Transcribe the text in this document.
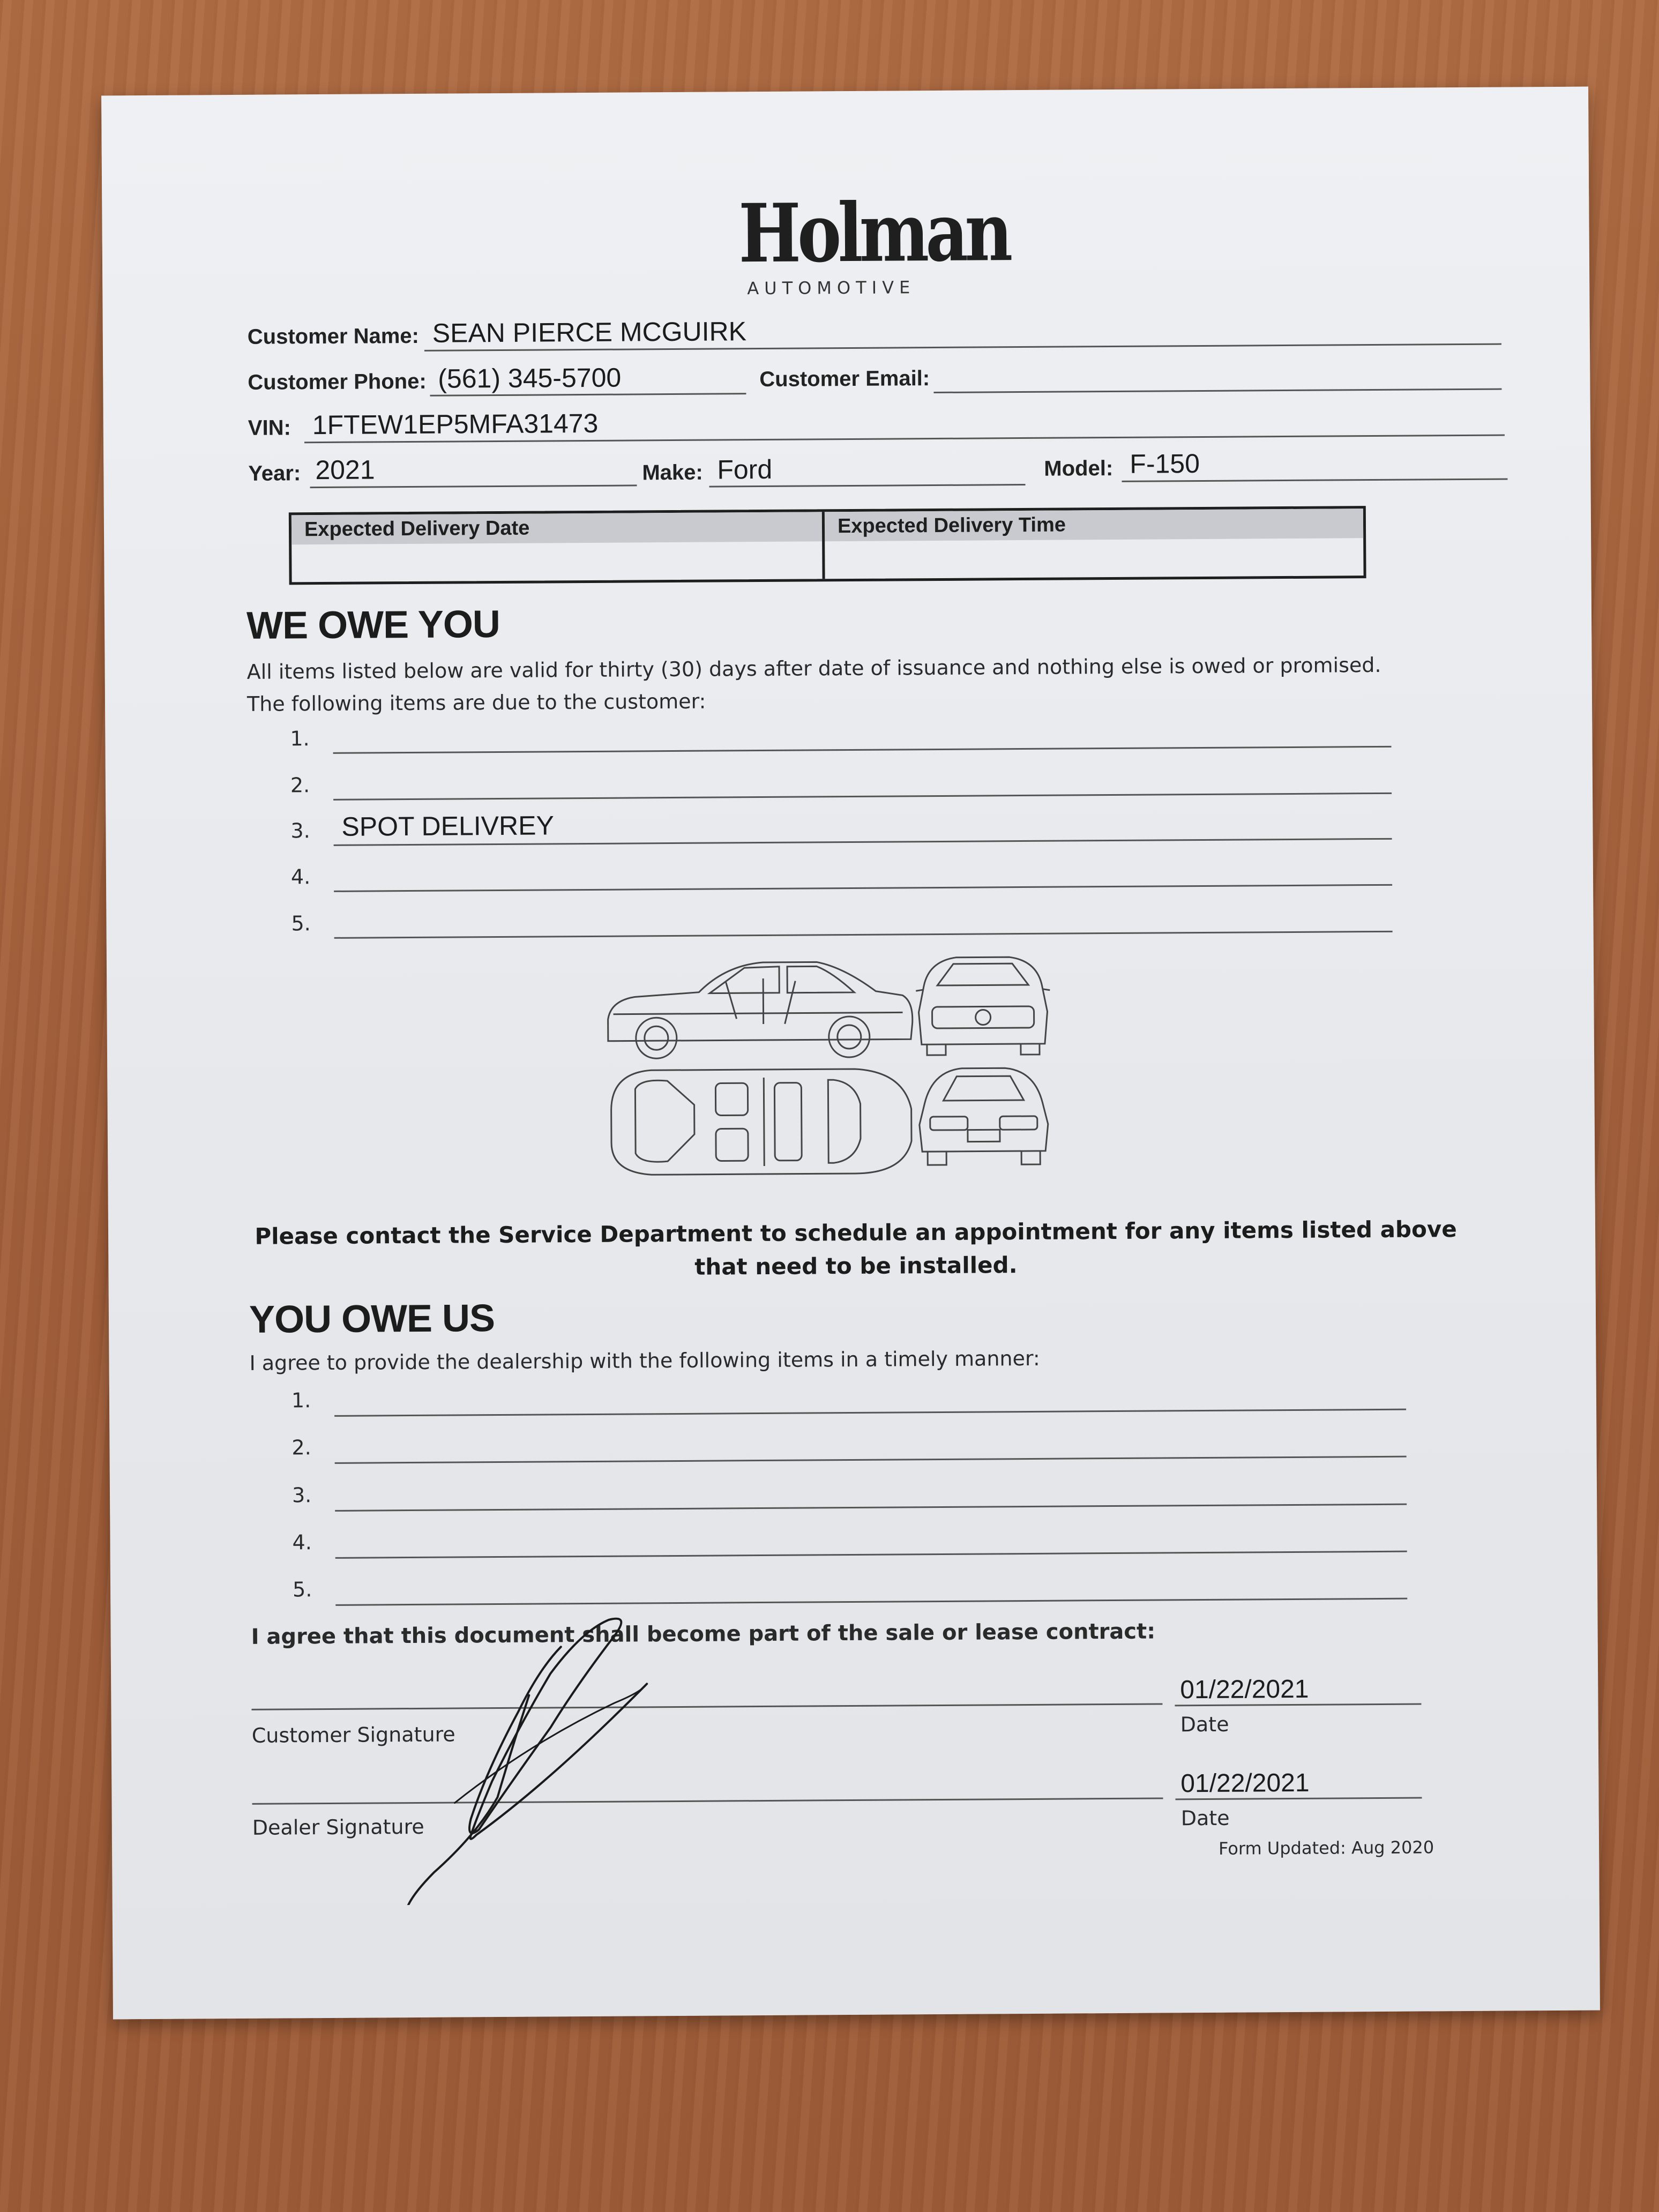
Holman
AUTOMOTIVE
Customer Name: SEAN PIERCE MCGUIRK
Customer Phone: (561) 345-5700	Customer Email:
VIN: 1FTEW1EP5MFA31473
Year: 2021	Make: Ford	Model: F-150
Expected Delivery Date	Expected Delivery Time
WE OWE YOU
All items listed below are valid for thirty (30) days after date of issuance and nothing else is owed or promised.
The following items are due to the customer:
1.
2.
3. SPOT DELIVREY
4.
5.
Please contact the Service Department to schedule an appointment for any items listed above that need to be installed.
YOU OWE US
I agree to provide the dealership with the following items in a timely manner:
1.
2.
3.
4.
5.
I agree that this document shall become part of the sale or lease contract:
Customer Signature
01/22/2021
Date
Dealer Signature
01/22/2021
Date
Form Updated: Aug 2020
